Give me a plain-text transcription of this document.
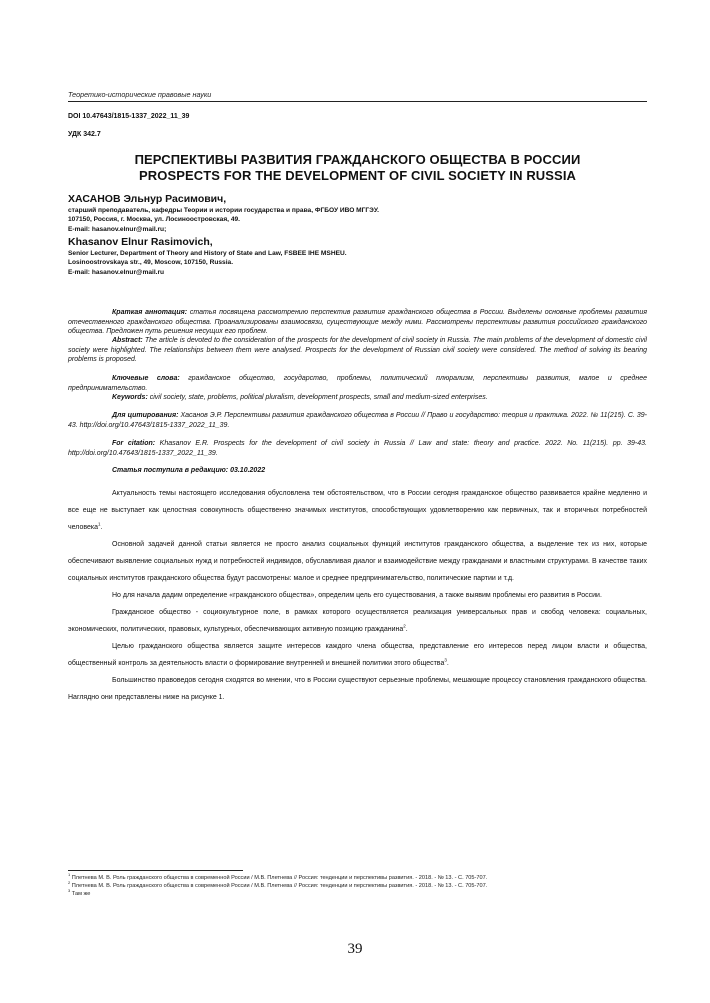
Теоретико-исторические правовые науки
DOI 10.47643/1815-1337_2022_11_39
УДК 342.7
ПЕРСПЕКТИВЫ РАЗВИТИЯ ГРАЖДАНСКОГО ОБЩЕСТВА В РОССИИ
PROSPECTS FOR THE DEVELOPMENT OF CIVIL SOCIETY IN RUSSIA
ХАСАНОВ Эльнур Расимович,
старший преподаватель, кафедры Теории и истории государства и права, ФГБОУ ИВО МГГЭУ.
107150, Россия, г. Москва, ул. Лосиноостровская, 49.
E-mail: hasanov.elnur@mail.ru;
Khasanov Elnur Rasimovich,
Senior Lecturer, Department of Theory and History of State and Law, FSBEE IHE MSHEU.
Losinoostrovskaya str., 49, Moscow, 107150, Russia.
E-mail: hasanov.elnur@mail.ru
Краткая аннотация: статья посвящена рассмотрению перспектив развития гражданского общества в России. Выделены основные проблемы развития отечественного гражданского общества. Проанализированы взаимосвязи, существующие между ними. Рассмотрены перспективы развития российского гражданского общества. Предложен путь решения несущих его проблем.
Abstract: The article is devoted to the consideration of the prospects for the development of civil society in Russia. The main problems of the development of domestic civil society were highlighted. The relationships between them were analysed. Prospects for the development of Russian civil society were considered. The method of solving its bearing problems is proposed.
Ключевые слова: гражданское общество, государство, проблемы, политический плюрализм, перспективы развития, малое и среднее предпринимательство.
Keywords: civil society, state, problems, political pluralism, development prospects, small and medium-sized enterprises.
Для цитирования: Хасанов Э.Р. Перспективы развития гражданского общества в России // Право и государство: теория и практика. 2022. № 11(215). С. 39-43. http://doi.org/10.47643/1815-1337_2022_11_39.
For citation: Khasanov E.R. Prospects for the development of civil society in Russia // Law and state: theory and practice. 2022. No. 11(215). pp. 39-43. http://doi.org/10.47643/1815-1337_2022_11_39.
Статья поступила в редакцию: 03.10.2022

Актуальность темы настоящего исследования обусловлена тем обстоятельством, что в России сегодня гражданское общество развивается крайне медленно и все еще не выступает как целостная совокупность общественно значимых институтов, способствующих удовлетворению как первичных, так и вторичных потребностей человека$^1$.

Основной задачей данной статьи является не просто анализ социальных функций институтов гражданского общества, а выделение тех из них, которые обеспечивают выявление социальных нужд и потребностей индивидов, обуславливая диалог и взаимодействие между гражданами и властными структурами. В качестве таких социальных институтов гражданского общества будут рассмотрены: малое и среднее предпринимательство, политические партии и т.д.

Но для начала дадим определение «гражданского общества», определим цель его существования, а также выявим проблемы его развития в России.

Гражданское общество - социокультурное поле, в рамках которого осуществляется реализация универсальных прав и свобод человека: социальных, экономических, политических, правовых, культурных, обеспечивающих активную позицию гражданина$^2$.

Целью гражданского общества является защите интересов каждого члена общества, представление его интересов перед лицом власти и общества, общественный контроль за деятельность власти о формирование внутренней и внешней политики этого общества$^3$.

Большинство правоведов сегодня сходятся во мнении, что в России существуют серьезные проблемы, мешающие процессу становления гражданского общества. Наглядно они представлены ниже на рисунке 1.

$^1$ Плетнева М. В. Роль гражданского общества в современной России / М.В. Плетнева // Россия: тенденции и перспективы развития. - 2018. - № 13. - С. 705-707.
$^2$ Плетнева М. В. Роль гражданского общества в современной России / М.В. Плетнева // Россия: тенденции и перспективы развития. - 2018. - № 13. - С. 705-707.
$^3$ Там же
39
